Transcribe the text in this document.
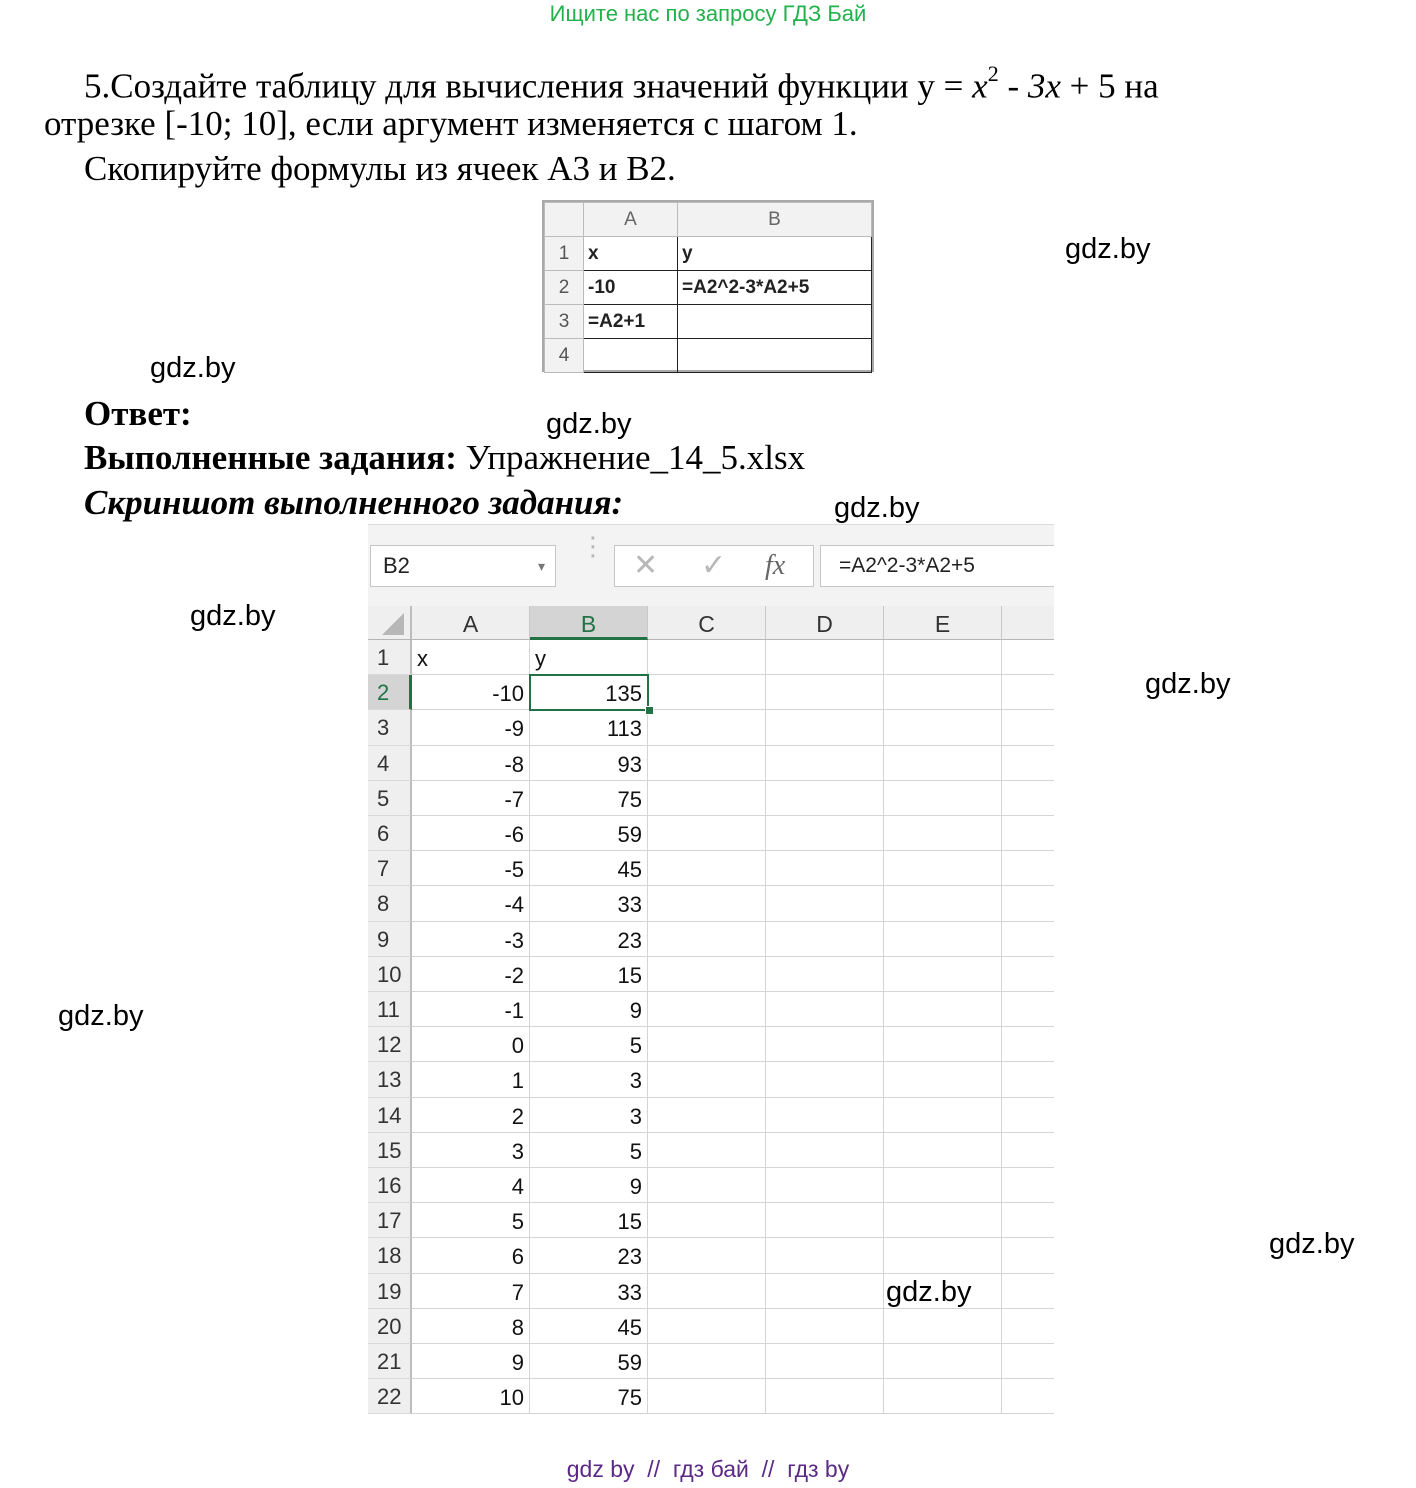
Ищите нас по запросу ГДЗ Бай
5.Создайте таблицу для вычисления значений функции $y = x^2 - 3x + 5$ на
отрезке [-10; 10], если аргумент изменяется с шагом 1.
Скопируйте формулы из ячеек А3 и В2.
	A	B
1	x	y
2	-10	=A2^2-3*A2+5
3	=A2+1	
4		
Ответ:
Выполненные задания: Упражнение_14_5.xlsx
Скриншот выполненного задания:
B2	▾
⋮
✕ ✓ fx	=A2^2-3*A2+5
A	B	C	D	E
1	x	y
2	-10	135
3	-9	113
4	-8	93
5	-7	75
6	-6	59
7	-5	45
8	-4	33
9	-3	23
10	-2	15
11	-1	9
12	0	5
13	1	3
14	2	3
15	3	5
16	4	9
17	5	15
18	6	23
19	7	33
20	8	45
21	9	59
22	10	75
gdz.by
gdz.by
gdz.by
gdz.by
gdz.by
gdz.by
gdz.by
gdz.by
gdz.by
gdz by  //  гдз бай  //  гдз by
